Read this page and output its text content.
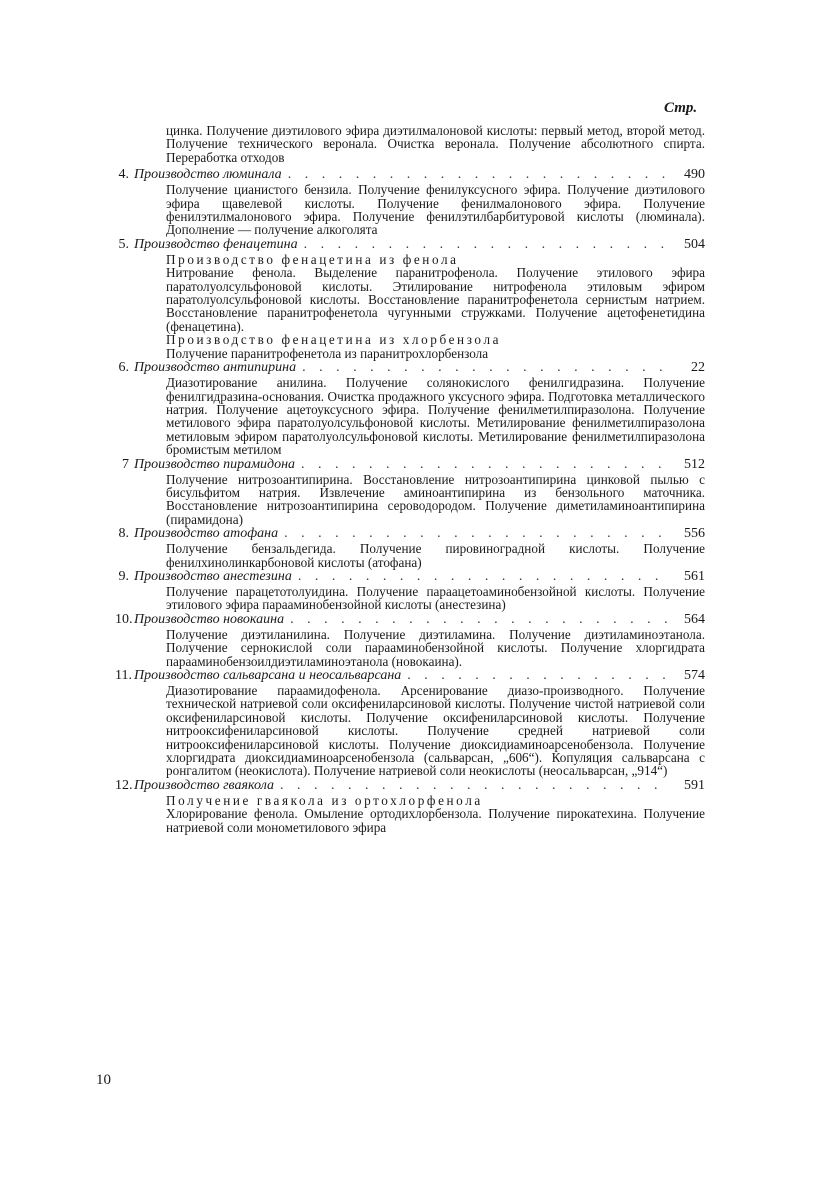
Стр.
цинка. Получение диэтилового эфира диэтилмалоновой кислоты: первый метод, второй метод. Получение технического веронала. Очистка веронала. Получение абсолютного спирта. Переработка отходов
4. Производство люминала . . .	490
Получение цианистого бензила. Получение фенилуксусного эфира. Получение диэтилового эфира щавелевой кислоты. Получение фенилмалонового эфира. Получение фенилэтилмалонового эфира. Получение фенилэтилбарбитуровой кислоты (люминала). Дополнение — получение алкоголята
5. Производство фенацетина . . .	504
Производство фенацетина из фенола
Нитрование фенола. Выделение паранитрофенола. Получение этилового эфира паратолуолсульфоновой кислоты. Этилирование нитрофенола этиловым эфиром паратолуолсульфоновой кислоты. Восстановление паранитрофенетола сернистым натрием. Восстановление паранитрофенетола чугунными стружками. Получение ацетофенетидина (фенацетина).
Производство фенацетина из хлорбензола
Получение паранитрофенетола из паранитрохлорбензола
6. Производство антипирина . . .	22
Диазотирование анилина. Получение солянокислого фенилгидразина. Получение фенилгидразина-основания. Очистка продажного уксусного эфира. Подготовка металлического натрия. Получение ацетоуксусного эфира. Получение фенилметилпиразолона. Получение метилового эфира паратолуолсульфоновой кислоты. Метилирование фенилметилпиразолона метиловым эфиром паратолуолсульфоновой кислоты. Метилирование фенилметилпиразолона бромистым метилом
7 Производство пирамидона . . .	512
Получение нитрозоантипирина. Восстановление нитрозоантипирина цинковой пылью с бисульфитом натрия. Извлечение аминоантипирина из бензольного маточника. Восстановление нитрозоантипирина сероводородом. Получение диметиламиноантипирина (пирамидона)
8. Производство атофана . . .	556
Получение бензальдегида. Получение пировиноградной кислоты. Получение фенилхинолинкарбоновой кислоты (атофана)
9. Производство анестезина . . .	561
Получение парацетотолуидина. Получение парaацетоаминобензойной кислоты. Получение этилового эфира параaминобензойной кислоты (анестезина)
10. Производство новокаина . . .	564
Получение диэтиланилина. Получение диэтиламина. Получение диэтиламиноэтанола. Получение сернокислой соли парааминобензойной кислоты. Получение хлоргидрата парааминобензоилдиэтиламиноэтанола (новокаина).
11. Производство сальварсана и неосальварсана . . .	574
Диазотирование параамидофенола. Арсенирование диазо-производного. Получение технической натриевой соли оксифениларсиновой кислоты. Получение чистой натриевой соли оксифениларсиновой кислоты. Получение оксифениларсиновой кислоты. Получение нитрооксифениларсиновой кислоты. Получение средней натриевой соли нитрооксифениларсиновой кислоты. Получение диоксидиаминоарсенобензола. Получение хлоргидрата диоксидиаминоарсенобензола (сальварсан, „606“). Копуляция сальварсана с ронгалитом (неокислота). Получение натриевой соли неокислоты (неосальварсан, „914“)
12. Производство гваякола . . .	591
Получение гваякола из ортохлорфенола
Хлорирование фенола. Омыление ортодихлорбензола. Получение пирокатехина. Получение натриевой соли монометилового эфира
10
